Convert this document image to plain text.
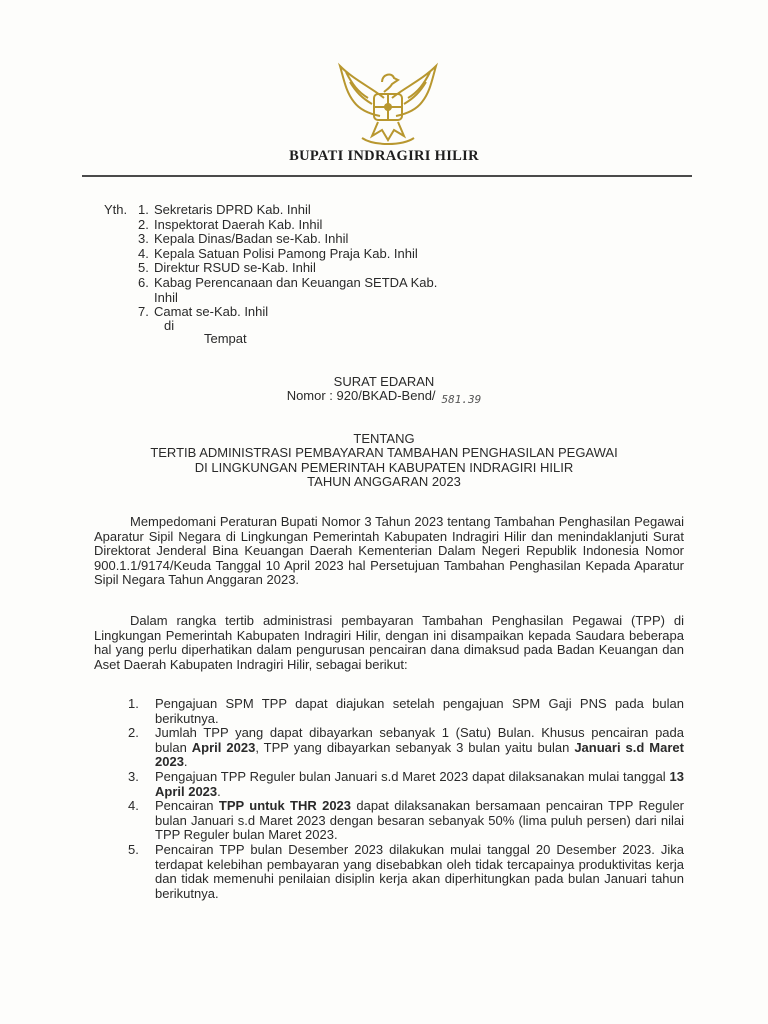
BUPATI INDRAGIRI HILIR
Yth. 1. Sekretaris DPRD Kab. Inhil
2. Inspektorat Daerah Kab. Inhil
3. Kepala Dinas/Badan se-Kab. Inhil
4. Kepala Satuan Polisi Pamong Praja Kab. Inhil
5. Direktur RSUD se-Kab. Inhil
6. Kabag Perencanaan dan Keuangan SETDA Kab. Inhil
7. Camat se-Kab. Inhil
di
Tempat
SURAT EDARAN
Nomor : 920/BKAD-Bend/ $_{581.39}$
TENTANG
TERTIB ADMINISTRASI PEMBAYARAN TAMBAHAN PENGHASILAN PEGAWAI
DI LINGKUNGAN PEMERINTAH KABUPATEN INDRAGIRI HILIR
TAHUN ANGGARAN 2023
Mempedomani Peraturan Bupati Nomor 3 Tahun 2023 tentang Tambahan Penghasilan Pegawai Aparatur Sipil Negara di Lingkungan Pemerintah Kabupaten Indragiri Hilir dan menindaklanjuti Surat Direktorat Jenderal Bina Keuangan Daerah Kementerian Dalam Negeri Republik Indonesia Nomor 900.1.1/9174/Keuda Tanggal 10 April 2023 hal Persetujuan Tambahan Penghasilan Kepada Aparatur Sipil Negara Tahun Anggaran 2023.
Dalam rangka tertib administrasi pembayaran Tambahan Penghasilan Pegawai (TPP) di Lingkungan Pemerintah Kabupaten Indragiri Hilir, dengan ini disampaikan kepada Saudara beberapa hal yang perlu diperhatikan dalam pengurusan pencairan dana dimaksud pada Badan Keuangan dan Aset Daerah Kabupaten Indragiri Hilir, sebagai berikut:
1.	Pengajuan SPM TPP dapat diajukan setelah pengajuan SPM Gaji PNS pada bulan berikutnya.
2.	Jumlah TPP yang dapat dibayarkan sebanyak 1 (Satu) Bulan. Khusus pencairan pada bulan April 2023, TPP yang dibayarkan sebanyak 3 bulan yaitu bulan Januari s.d Maret 2023.
3.	Pengajuan TPP Reguler bulan Januari s.d Maret 2023 dapat dilaksanakan mulai tanggal 13 April 2023.
4.	Pencairan TPP untuk THR 2023 dapat dilaksanakan bersamaan pencairan TPP Reguler bulan Januari s.d Maret 2023 dengan besaran sebanyak 50% (lima puluh persen) dari nilai TPP Reguler bulan Maret 2023.
5.	Pencairan TPP bulan Desember 2023 dilakukan mulai tanggal 20 Desember 2023. Jika terdapat kelebihan pembayaran yang disebabkan oleh tidak tercapainya produktivitas kerja dan tidak memenuhi penilaian disiplin kerja akan diperhitungkan pada bulan Januari tahun berikutnya.
